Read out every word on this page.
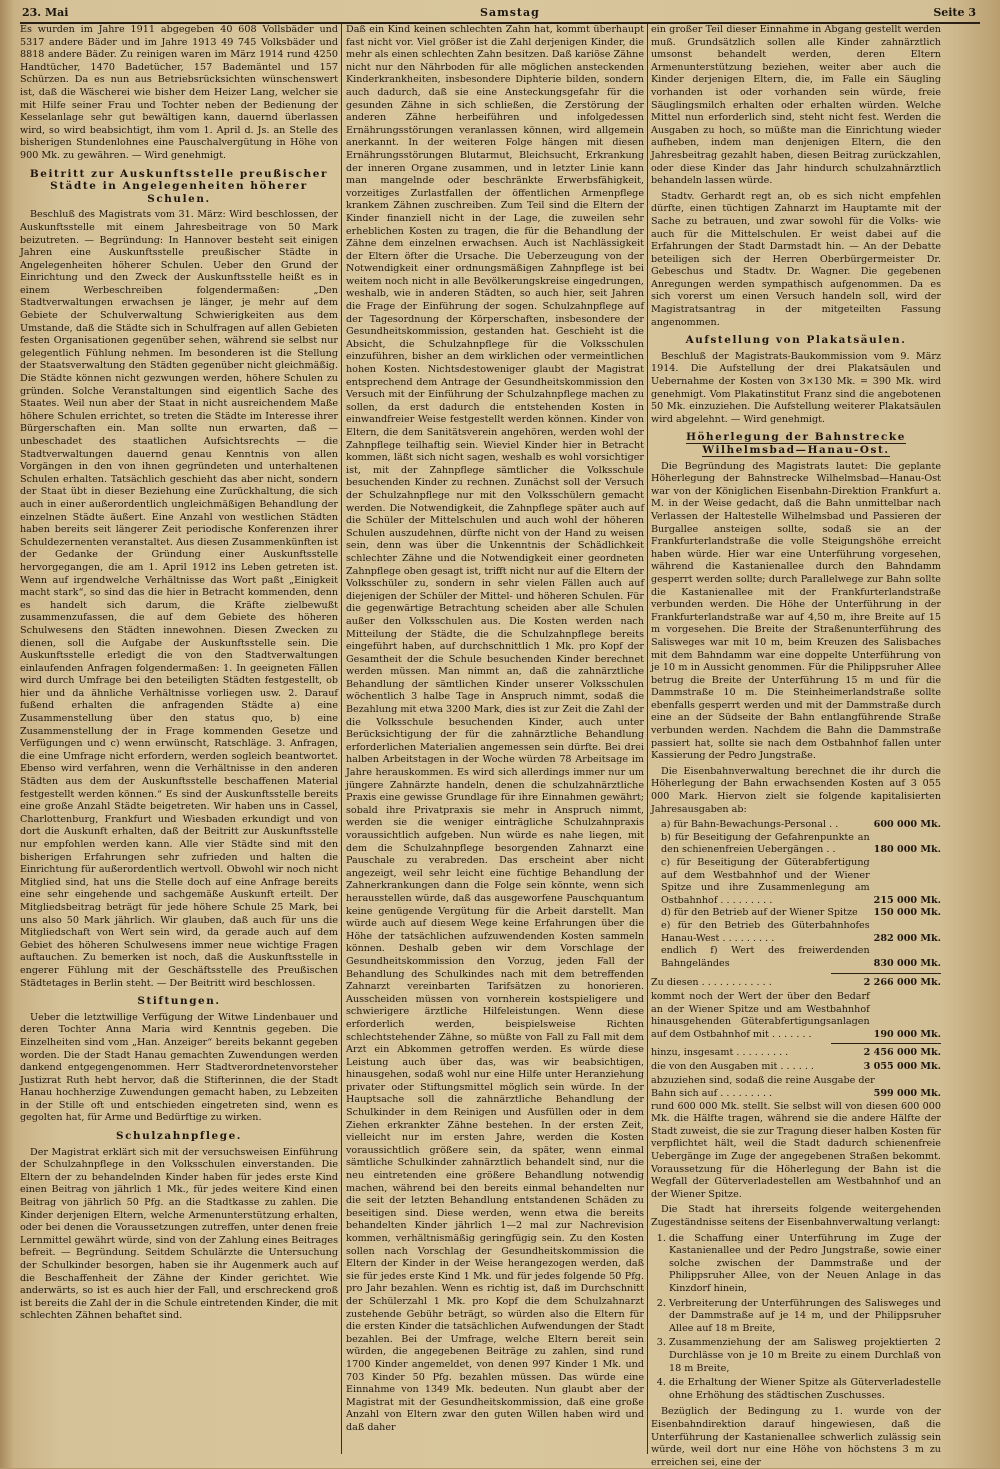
23. Mai	Samstag	Seite 3

Es wurden im Jahre 1911 abgegeben 40 608 Vollsbäder und 5317 andere Bäder und im Jahre 1913 49 745 Volksbäder und 8818 andere Bäder. Zu reinigen waren im März 1914 rund 4250 Handtücher, 1470 Badetücher, 157 Bademäntel und 157 Schürzen. Da es nun aus Betriebsrücksichten wünschenswert ist, daß die Wäscherei wie bisher dem Heizer Lang, welcher sie mit Hilfe seiner Frau und Tochter neben der Bedienung der Kesselanlage sehr gut bewältigen kann, dauernd überlassen wird, so wird beabsichtigt, ihm vom 1. April d. Js. an Stelle des bisherigen Stundenlohnes eine Pauschalvergütung in Höhe von 900 Mk. zu gewähren. — Wird genehmigt.

Beitritt zur Auskunftsstelle preußischer Städte in Angelegenheiten höherer Schulen.

Beschluß des Magistrats vom 31. März: Wird beschlossen, der Auskunftsstelle mit einem Jahresbeitrage von 50 Mark beizutreten. — Begründung: In Hannover besteht seit einigen Jahren eine Auskunftsstelle preußischer Städte in Angelegenheiten höherer Schulen. Ueber den Grund der Einrichtung und den Zweck der Auskunftsstelle heißt es in einem Werbeschreiben folgendermaßen: „Den Stadtverwaltungen erwachsen je länger, je mehr auf dem Gebiete der Schulverwaltung Schwierigkeiten aus dem Umstande, daß die Städte sich in Schulfragen auf allen Gebieten festen Organisationen gegenüber sehen, während sie selbst nur gelegentlich Fühlung nehmen. Im besonderen ist die Stellung der Staatsverwaltung den Städten gegenüber nicht gleichmäßig. Die Städte können nicht gezwungen werden, höhere Schulen zu gründen. Solche Veranstaltungen sind eigentlich Sache des Staates. Weil nun aber der Staat in nicht ausreichendem Maße höhere Schulen errichtet, so treten die Städte im Interesse ihrer Bürgerschaften ein. Man sollte nun erwarten, daß — unbeschadet des staatlichen Aufsichtsrechts — die Stadtverwaltungen dauernd genau Kenntnis von allen Vorgängen in den von ihnen gegründeten und unterhaltenen Schulen erhalten. Tatsächlich geschieht das aber nicht, sondern der Staat übt in dieser Beziehung eine Zurückhaltung, die sich auch in einer außerordentlich ungleichmäßigen Behandlung der einzelnen Städte äußert. Eine Anzahl von westlichen Städten haben bereits seit längerer Zeit periodische Konferenzen ihrer Schuldezernenten veranstaltet. Aus diesen Zusammenkünften ist der Gedanke der Gründung einer Auskunftsstelle hervorgegangen, die am 1. April 1912 ins Leben getreten ist. Wenn auf irgendwelche Verhältnisse das Wort paßt „Einigkeit macht stark“, so sind das die hier in Betracht kommenden, denn es handelt sich darum, die Kräfte zielbewußt zusammenzufassen, die auf dem Gebiete des höheren Schulwesens den Städten innewohnen. Diesen Zwecken zu dienen, soll die Aufgabe der Auskunftsstelle sein. Die Auskunftsstelle erledigt die von den Stadtverwaltungen einlaufenden Anfragen folgendermaßen: 1. In geeigneten Fällen wird durch Umfrage bei den beteiligten Städten festgestellt, ob hier und da ähnliche Verhältnisse vorliegen usw. 2. Darauf fußend erhalten die anfragenden Städte a) eine Zusammenstellung über den status quo, b) eine Zusammenstellung der in Frage kommenden Gesetze und Verfügungen und c) wenn erwünscht, Ratschläge. 3. Anfragen, die eine Umfrage nicht erfordern, werden sogleich beantwortet. Ebenso wird verfahren, wenn die Verhältnisse in den anderen Städten aus dem der Auskunftsstelle beschaffenen Material festgestellt werden können.“ Es sind der Auskunftsstelle bereits eine große Anzahl Städte beigetreten. Wir haben uns in Cassel, Charlottenburg, Frankfurt und Wiesbaden erkundigt und von dort die Auskunft erhalten, daß der Beitritt zur Auskunftsstelle nur empfohlen werden kann. Alle vier Städte sind mit den bisherigen Erfahrungen sehr zufrieden und halten die Einrichtung für außerordentlich wertvoll. Obwohl wir noch nicht Mitglied sind, hat uns die Stelle doch auf eine Anfrage bereits eine sehr eingehende und sachgemäße Auskunft erteilt. Der Mitgliedsbeitrag beträgt für jede höhere Schule 25 Mark, bei uns also 50 Mark jährlich. Wir glauben, daß auch für uns die Mitgliedschaft von Wert sein wird, da gerade auch auf dem Gebiet des höheren Schulwesens immer neue wichtige Fragen auftauchen. Zu bemerken ist noch, daß die Auskunftsstelle in engerer Fühlung mit der Geschäftsstelle des Preußischen Städtetages in Berlin steht. — Der Beitritt wird beschlossen.

Stiftungen.

Ueber die letztwillige Verfügung der Witwe Lindenbauer und deren Tochter Anna Maria wird Kenntnis gegeben. Die Einzelheiten sind vom „Han. Anzeiger“ bereits bekannt gegeben worden. Die der Stadt Hanau gemachten Zuwendungen werden dankend entgegengenommen. Herr Stadtverordnetenvorsteher Justizrat Ruth hebt hervor, daß die Stifterinnen, die der Stadt Hanau hochherzige Zuwendungen gemacht haben, zu Lebzeiten in der Stille oft und entschieden eingetreten sind, wenn es gegolten hat, für Arme und Bedürftige zu wirken.

Schulzahnpflege.

Der Magistrat erklärt sich mit der versuchsweisen Einführung der Schulzahnpflege in den Volksschulen einverstanden. Die Eltern der zu behandelnden Kinder haben für jedes erste Kind einen Beitrag von jährlich 1 Mk., für jedes weitere Kind einen Beitrag von jährlich 50 Pfg. an die Stadtkasse zu zahlen. Die Kinder derjenigen Eltern, welche Armenunterstützung erhalten, oder bei denen die Voraussetzungen zutreffen, unter denen freie Lernmittel gewährt würde, sind von der Zahlung eines Beitrages befreit. — Begründung. Seitdem Schulärzte die Untersuchung der Schulkinder besorgen, haben sie ihr Augenmerk auch auf die Beschaffenheit der Zähne der Kinder gerichtet. Wie anderwärts, so ist es auch hier der Fall, und erschreckend groß ist bereits die Zahl der in die Schule eintretenden Kinder, die mit schlechten Zähnen behaftet sind.

Daß ein Kind keinen schlechten Zahn hat, kommt überhaupt fast nicht vor. Viel größer ist die Zahl derjenigen Kinder, die mehr als einen schlechten Zahn besitzen. Daß kariöse Zähne nicht nur den Nährboden für alle möglichen ansteckenden Kinderkrankheiten, insbesondere Diphterie bilden, sondern auch dadurch, daß sie eine Ansteckungsgefahr für die gesunden Zähne in sich schließen, die Zerstörung der anderen Zähne herbeiführen und infolgedessen Ernährungsstörungen veranlassen können, wird allgemein anerkannt. In der weiteren Folge hängen mit diesen Ernährungsstörungen Blutarmut, Bleichsucht, Erkrankung der inneren Organe zusammen, und in letzter Linie kann man mangelnde oder beschränkte Erwerbsfähigkeit, vorzeitiges Zurlastfallen der öffentlichen Armenpflege krankem Zähnen zuschreiben. Zum Teil sind die Eltern der Kinder finanziell nicht in der Lage, die zuweilen sehr erheblichen Kosten zu tragen, die für die Behandlung der Zähne dem einzelnen erwachsen. Auch ist Nachlässigkeit der Eltern öfter die Ursache. Die Ueberzeugung von der Notwendigkeit einer ordnungsmäßigen Zahnpflege ist bei weitem noch nicht in alle Bevölkerungskreise eingedrungen, weshalb, wie in anderen Städten, so auch hier, seit Jahren die Frage der Einführung der sogen. Schulzahnpflege auf der Tagesordnung der Körperschaften, insbesondere der Gesundheitskommission, gestanden hat. Geschieht ist die Absicht, die Schulzahnpflege für die Volksschulen einzuführen, bisher an dem wirklichen oder vermeintlichen hohen Kosten. Nichtsdestoweniger glaubt der Magistrat entsprechend dem Antrage der Gesundheitskommission den Versuch mit der Einführung der Schulzahnpflege machen zu sollen, da erst dadurch die entstehenden Kosten in einwandfreier Weise festgestellt werden können. Kinder von Eltern, die dem Sanitätsverein angehören, werden wohl der Zahnpflege teilhaftig sein. Wieviel Kinder hier in Betracht kommen, läßt sich nicht sagen, weshalb es wohl vorsichtiger ist, mit der Zahnpflege sämtlicher die Volksschule besuchenden Kinder zu rechnen. Zunächst soll der Versuch der Schulzahnpflege nur mit den Volksschülern gemacht werden. Die Notwendigkeit, die Zahnpflege später auch auf die Schüler der Mittelschulen und auch wohl der höheren Schulen auszudehnen, dürfte nicht von der Hand zu weisen sein, denn was über die Unkenntnis der Schädlichkeit schlechter Zähne und die Notwendigkeit einer geordneten Zahnpflege oben gesagt ist, trifft nicht nur auf die Eltern der Volksschüler zu, sondern in sehr vielen Fällen auch auf diejenigen der Schüler der Mittel- und höheren Schulen. Für die gegenwärtige Betrachtung scheiden aber alle Schulen außer den Volksschulen aus. Die Kosten werden nach Mitteilung der Städte, die die Schulzahnpflege bereits eingeführt haben, auf durchschnittlich 1 Mk. pro Kopf der Gesamtheit der die Schule besuchenden Kinder berechnet werden müssen. Man nimmt an, daß die zahnärztliche Behandlung der sämtlichen Kinder unserer Volksschulen wöchentlich 3 halbe Tage in Anspruch nimmt, sodaß die Bezahlung mit etwa 3200 Mark, dies ist zur Zeit die Zahl der die Volksschule besuchenden Kinder, auch unter Berücksichtigung der für die zahnärztliche Behandlung erforderlichen Materialien angemessen sein dürfte. Bei drei halben Arbeitstagen in der Woche würden 78 Arbeitsage im Jahre herauskommen. Es wird sich allerdings immer nur um jüngere Zahnärzte handeln, denen die schulzahnärztliche Praxis eine gewisse Grundlage für ihre Einnahmen gewährt; sobald ihre Privatpraxis sie mehr in Anspruch nimmt, werden sie die weniger einträgliche Schulzahnpraxis voraussichtlich aufgeben. Nun würde es nahe liegen, mit dem die Schulzahnpflege besorgenden Zahnarzt eine Pauschale zu verabreden. Das erscheint aber nicht angezeigt, weil sehr leicht eine füchtige Behandlung der Zahnerkrankungen dann die Folge sein könnte, wenn sich herausstellen würde, daß das ausgeworfene Pauschquantum keine genügende Vergütung für die Arbeit darstellt. Man würde auch auf diesem Wege keine Erfahrungen über die Höhe der tatsächlichen aufzuwendenden Kosten sammeln können. Deshalb geben wir dem Vorschlage der Gesundheitskommission den Vorzug, jeden Fall der Behandlung des Schulkindes nach mit dem betreffenden Zahnarzt vereinbarten Tarifsätzen zu honorieren. Ausscheiden müssen von vornherein kostspieligere und schwierigere ärztliche Hilfeleistungen. Wenn diese erforderlich werden, beispielsweise Richten schlechtstehender Zähne, so müßte von Fall zu Fall mit dem Arzt ein Abkommen getroffen werden. Es würde diese Leistung auch über das, was wir beabsichtigen, hinausgehen, sodaß wohl nur eine Hilfe unter Heranziehung privater oder Stiftungsmittel möglich sein würde. In der Hauptsache soll die zahnärztliche Behandlung der Schulkinder in dem Reinigen und Ausfüllen oder in dem Ziehen erkrankter Zähne bestehen. In der ersten Zeit, vielleicht nur im ersten Jahre, werden die Kosten voraussichtlich größere sein, da später, wenn einmal sämtliche Schulkinder zahnärztlich behandelt sind, nur die neu eintretenden eine größere Behandlung notwendig machen, während bei den bereits einmal behandelten nur die seit der letzten Behandlung entstandenen Schäden zu beseitigen sind. Diese werden, wenn etwa die bereits behandelten Kinder jährlich 1—2 mal zur Nachrevision kommen, verhältnismäßig geringfügig sein. Zu den Kosten sollen nach Vorschlag der Gesundheitskommission die Eltern der Kinder in der Weise herangezogen werden, daß sie für jedes erste Kind 1 Mk. und für jedes folgende 50 Pfg. pro Jahr bezahlen. Wenn es richtig ist, daß im Durchschnitt der Schülerzahl 1 Mk. pro Kopf die dem Schulzahnarzt zustehende Gebühr beträgt, so würden also die Eltern für die ersten Kinder die tatsächlichen Aufwendungen der Stadt bezahlen. Bei der Umfrage, welche Eltern bereit sein würden, die angegebenen Beiträge zu zahlen, sind rund 1700 Kinder angemeldet, von denen 997 Kinder 1 Mk. und 703 Kinder 50 Pfg. bezahlen müssen. Das würde eine Einnahme von 1349 Mk. bedeuten. Nun glaubt aber der Magistrat mit der Gesundheitskommission, daß eine große Anzahl von Eltern zwar den guten Willen haben wird und daß daher

ein großer Teil dieser Einnahme in Abgang gestellt werden muß. Grundsätzlich sollen alle Kinder zahnärztlich umsonst behandelt werden, deren Eltern Armenunterstützung beziehen, weiter aber auch die Kinder derjenigen Eltern, die, im Falle ein Säugling vorhanden ist oder vorhanden sein würde, freie Säuglingsmilch erhalten oder erhalten würden. Welche Mittel nun erforderlich sind, steht nicht fest. Werden die Ausgaben zu hoch, so müßte man die Einrichtung wieder aufheben, indem man denjenigen Eltern, die den Jahresbeitrag gezahlt haben, diesen Beitrag zurückzahlen, oder diese Kinder das Jahr hindurch schulzahnärztlich behandeln lassen würde.

Stadtv. Gerhardt regt an, ob es sich nicht empfehlen dürfte, einen tüchtigen Zahnarzt im Hauptamte mit der Sache zu betrauen, und zwar sowohl für die Volks- wie auch für die Mittelschulen. Er weist dabei auf die Erfahrungen der Stadt Darmstadt hin. — An der Debatte beteiligen sich der Herren Oberbürgermeister Dr. Gebeschus und Stadtv. Dr. Wagner. Die gegebenen Anregungen werden sympathisch aufgenommen. Da es sich vorerst um einen Versuch handeln soll, wird der Magistratsantrag in der mitgeteilten Fassung angenommen.

Aufstellung von Plakatsäulen.

Beschluß der Magistrats-Baukommission vom 9. März 1914. Die Aufstellung der drei Plakatsäulen und Uebernahme der Kosten von 3×130 Mk. = 390 Mk. wird genehmigt. Vom Plakatinstitut Franz sind die angebotenen 50 Mk. einzuziehen. Die Aufstellung weiterer Plakatsäulen wird abgelehnt. — Wird genehmigt.

Höherlegung der Bahnstrecke Wilhelmsbad—Hanau-Ost.

Die Begründung des Magistrats lautet: Die geplante Höherlegung der Bahnstrecke Wilhelmsbad—Hanau-Ost war von der Königlichen Eisenbahn-Direktion Frankfurt a. M. in der Weise gedacht, daß die Bahn unmittelbar nach Verlassen der Haltestelle Wilhelmsbad und Passieren der Burgallee ansteigen sollte, sodaß sie an der Frankfurterlandstraße die volle Steigungshöhe erreicht haben würde. Hier war eine Unterführung vorgesehen, während die Kastanienallee durch den Bahndamm gesperrt werden sollte; durch Parallelwege zur Bahn sollte die Kastanienallee mit der Frankfurterlandstraße verbunden werden. Die Höhe der Unterführung in der Frankfurterlandstraße war auf 4,50 m, ihre Breite auf 15 m vorgesehen. Die Breite der Straßenunterführung des Salisweges war mit 10 m, beim Kreuzen des Salisbaches mit dem Bahndamm war eine doppelte Unterführung von je 10 m in Aussicht genommen. Für die Philippsruher Allee betrug die Breite der Unterführung 15 m und für die Dammstraße 10 m. Die Steinheimerlandstraße sollte ebenfalls gesperrt werden und mit der Dammstraße durch eine an der Südseite der Bahn entlangführende Straße verbunden werden. Nachdem die Bahn die Dammstraße passiert hat, sollte sie nach dem Ostbahnhof fallen unter Kassierung der Pedro Jungstraße.

Die Eisenbahnverwaltung berechnet die ihr durch die Höherlegung der Bahn erwachsenden Kosten auf 3 055 000 Mark. Hiervon zielt sie folgende kapitalisierten Jahresausgaben ab:

a) für Bahn-Bewachungs-Personal . .	600 000 Mk.
b) für Beseitigung der Gefahrenpunkte an den schienenfreien Uebergängen . .	180 000 Mk.
c) für Beseitigung der Güterabfertigung auf dem Westbahnhof und der Wiener Spitze und ihre Zusammenlegung am Ostbahnhof . . . . . . . . .	215 000 Mk.
d) für den Betrieb auf der Wiener Spitze	150 000 Mk.
e) für den Betrieb des Güterbahnhofes Hanau-West . . . . . . . . .	282 000 Mk.
endlich f) Wert des freiwerdenden Bahngeländes	830 000 Mk.
Zu diesen . . . . . . . . . . . .	2 266 000 Mk.
kommt noch der Wert der über den Bedarf an der Wiener Spitze und am Westbahnhof hinausgehenden Güterabfertigungsanlagen auf dem Ostbahnhof mit . . . . . . .	190 000 Mk.
hinzu, insgesamt . . . . . . . . .	2 456 000 Mk.
die von den Ausgaben mit . . . . . .	3 055 000 Mk.
abzuziehen sind, sodaß die reine Ausgabe der
Bahn sich auf . . . . . . . . .	599 000 Mk.

rund 600 000 Mk. stellt. Sie selbst will von diesen 600 000 Mk. die Hälfte tragen, während sie die andere Hälfte der Stadt zuweist, die sie zur Tragung dieser halben Kosten für verpflichtet hält, weil die Stadt dadurch schienenfreie Uebergänge im Zuge der angegebenen Straßen bekommt. Voraussetzung für die Höherlegung der Bahn ist die Wegfall der Güterverladestellen am Westbahnhof und an der Wiener Spitze.

Die Stadt hat ihrerseits folgende weitergehenden Zugeständnisse seitens der Eisenbahnverwaltung verlangt:

1. die Schaffung einer Unterführung im Zuge der Kastanienallee und der Pedro Jungstraße, sowie einer solche zwischen der Dammstraße und der Philippsruher Allee, von der Neuen Anlage in das Kinzdorf hinein,
2. Verbreiterung der Unterführungen des Salisweges und der Dammstraße auf je 14 m, und der Philippsruher Allee auf 18 m Breite,
3. Zusammenziehung der am Salisweg projektierten 2 Durchlässe von je 10 m Breite zu einem Durchlaß von 18 m Breite,
4. die Erhaltung der Wiener Spitze als Güterverladestelle ohne Erhöhung des städtischen Zuschusses.

Bezüglich der Bedingung zu 1. wurde von der Eisenbahndirektion darauf hingewiesen, daß die Unterführung der Kastanienallee schwerlich zulässig sein würde, weil dort nur eine Höhe von höchstens 3 m zu erreichen sei, eine der
